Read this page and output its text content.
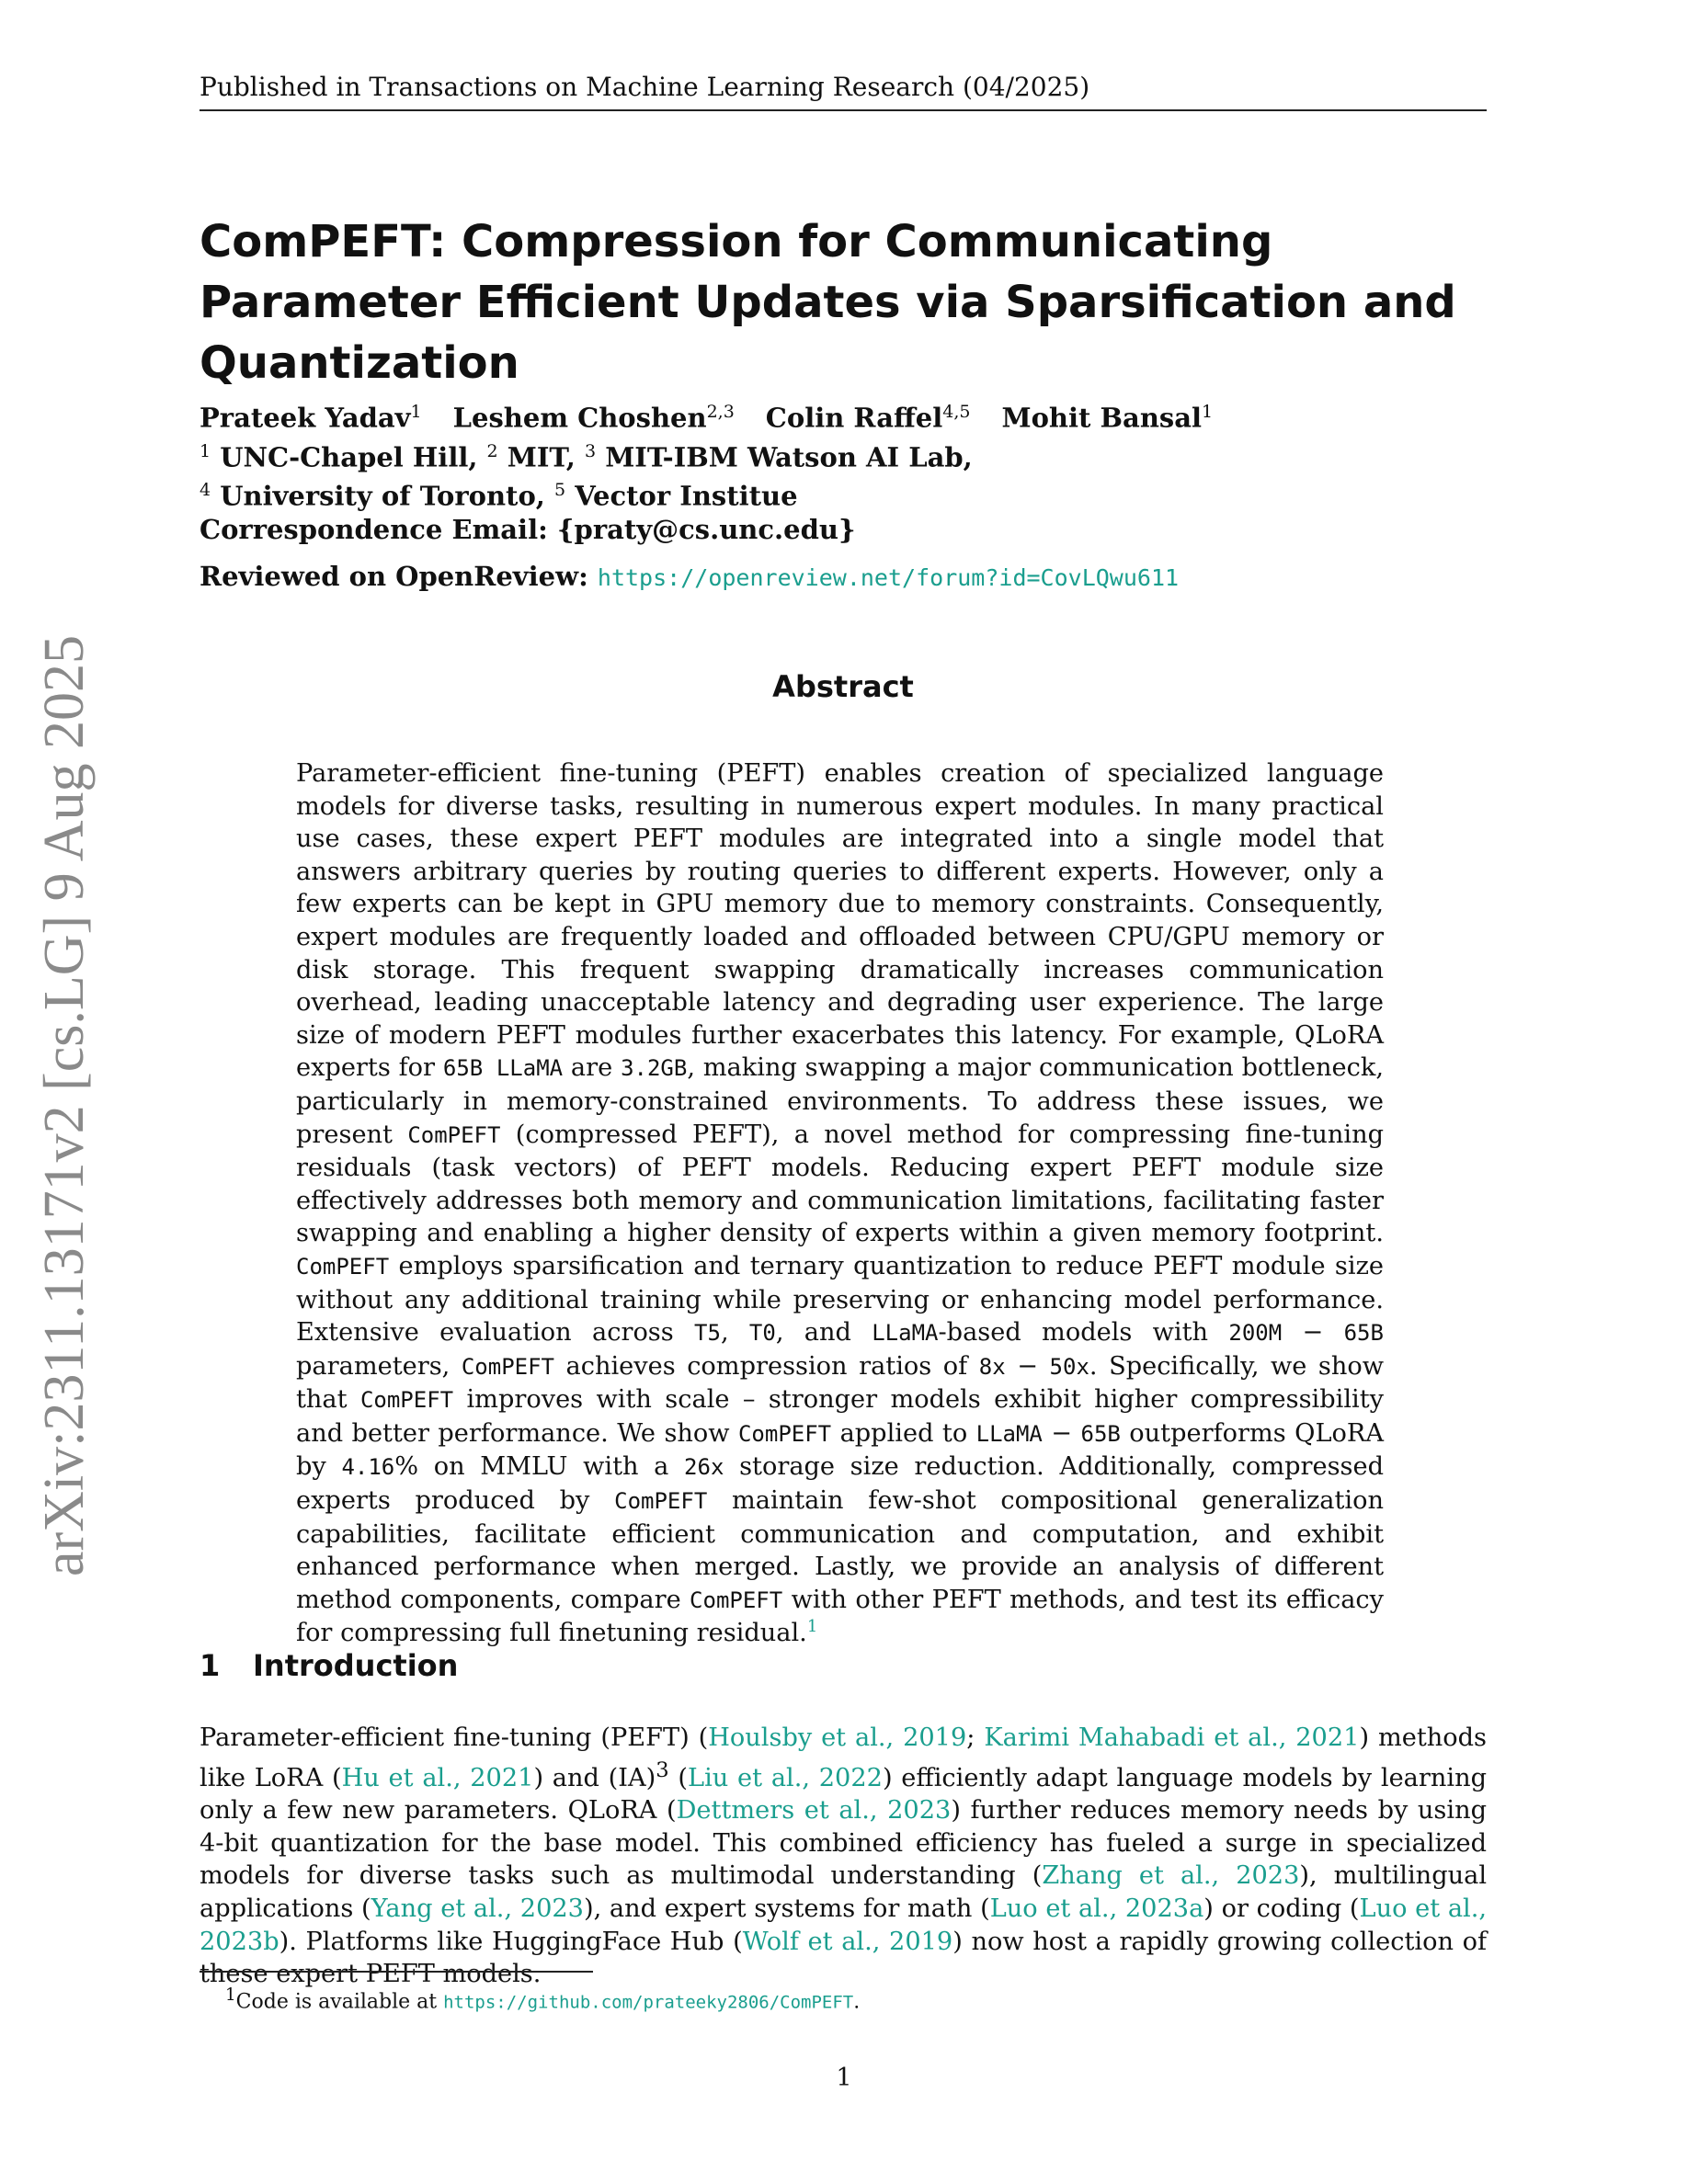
Published in Transactions on Machine Learning Research (04/2025)
arXiv:2311.13171v2 [cs.LG] 9 Aug 2025
ComPEFT: Compression for Communicating Parameter Efficient Updates via Sparsification and Quantization
Prateek Yadav$^1$ Leshem Choshen$^{2,3}$ Colin Raffel$^{4,5}$ Mohit Bansal$^1$
$^1$ UNC-Chapel Hill, $^2$ MIT, $^3$ MIT-IBM Watson AI Lab,
$^4$ University of Toronto, $^5$ Vector Institue
Correspondence Email: {praty@cs.unc.edu}
Reviewed on OpenReview: https://openreview.net/forum?id=CovLQwu611
Abstract
Parameter-efficient fine-tuning (PEFT) enables creation of specialized language models for diverse tasks, resulting in numerous expert modules. In many practical use cases, these expert PEFT modules are integrated into a single model that answers arbitrary queries by routing queries to different experts. However, only a few experts can be kept in GPU memory due to memory constraints. Consequently, expert modules are frequently loaded and offloaded between CPU/GPU memory or disk storage. This frequent swapping dramatically increases communication overhead, leading unacceptable latency and degrading user experience. The large size of modern PEFT modules further exacerbates this latency. For example, QLoRA experts for 65B LLaMA are 3.2GB, making swapping a major communication bottleneck, particularly in memory-constrained environments. To address these issues, we present ComPEFT (compressed PEFT), a novel method for compressing fine-tuning residuals (task vectors) of PEFT models. Reducing expert PEFT module size effectively addresses both memory and communication limitations, facilitating faster swapping and enabling a higher density of experts within a given memory footprint. ComPEFT employs sparsification and ternary quantization to reduce PEFT module size without any additional training while preserving or enhancing model performance. Extensive evaluation across T5, T0, and LLaMA-based models with 200M − 65B parameters, ComPEFT achieves compression ratios of 8x − 50x. Specifically, we show that ComPEFT improves with scale – stronger models exhibit higher compressibility and better performance. We show ComPEFT applied to LLaMA − 65B outperforms QLoRA by 4.16% on MMLU with a 26x storage size reduction. Additionally, compressed experts produced by ComPEFT maintain few-shot compositional generalization capabilities, facilitate efficient communication and computation, and exhibit enhanced performance when merged. Lastly, we provide an analysis of different method components, compare ComPEFT with other PEFT methods, and test its efficacy for compressing full finetuning residual.$^1$
1 Introduction
Parameter-efficient fine-tuning (PEFT) (Houlsby et al., 2019; Karimi Mahabadi et al., 2021) methods like LoRA (Hu et al., 2021) and (IA)$^3$ (Liu et al., 2022) efficiently adapt language models by learning only a few new parameters. QLoRA (Dettmers et al., 2023) further reduces memory needs by using 4-bit quantization for the base model. This combined efficiency has fueled a surge in specialized models for diverse tasks such as multimodal understanding (Zhang et al., 2023), multilingual applications (Yang et al., 2023), and expert systems for math (Luo et al., 2023a) or coding (Luo et al., 2023b). Platforms like HuggingFace Hub (Wolf et al., 2019) now host a rapidly growing collection of these expert PEFT models.
$^1$Code is available at https://github.com/prateeky2806/ComPEFT.
1
